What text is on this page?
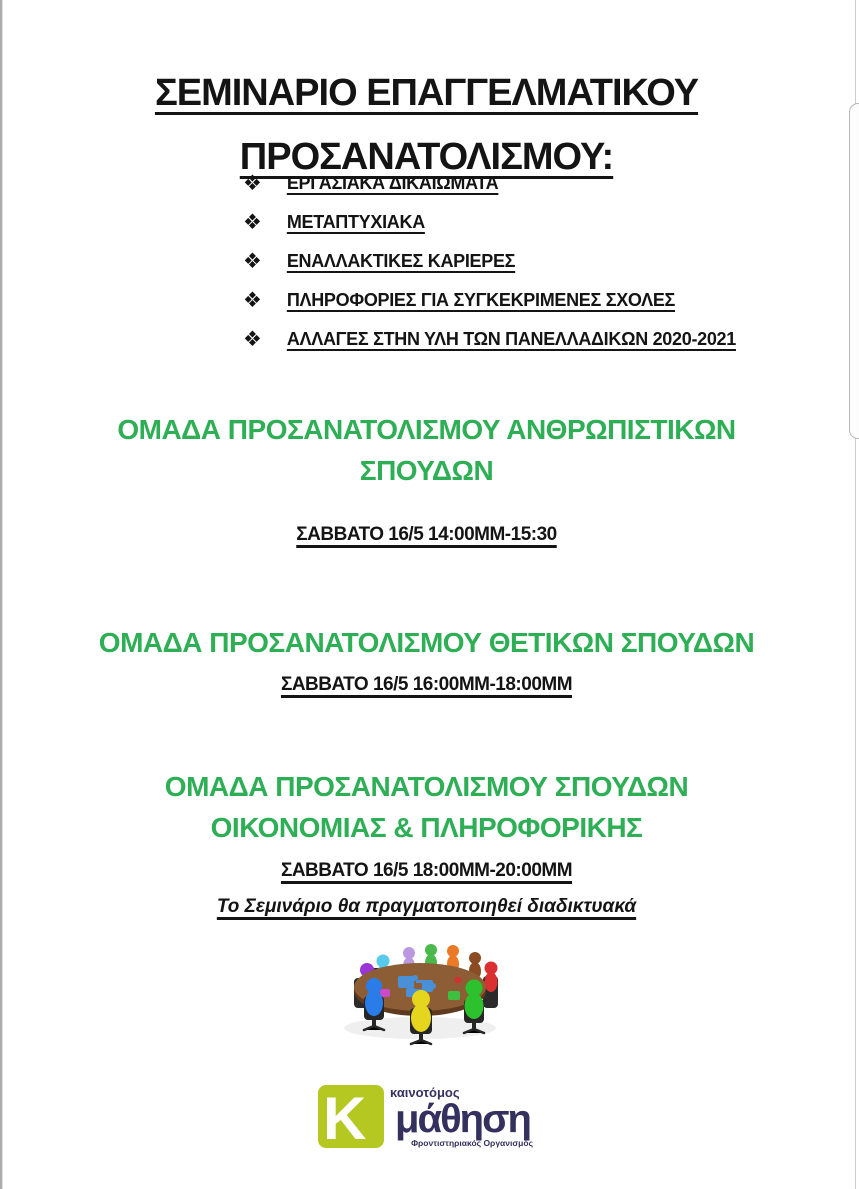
ΣΕΜΙΝΑΡΙΟ ΕΠΑΓΓΕΛΜΑΤΙΚΟΥ
ΠΡΟΣΑΝΑΤΟΛΙΣΜΟΥ:
❖ ΕΡΓΑΣΙΑΚΑ ΔΙΚΑΙΩΜΑΤΑ
❖ ΜΕΤΑΠΤΥΧΙΑΚΑ
❖ ΕΝΑΛΛΑΚΤΙΚΕΣ ΚΑΡΙΕΡΕΣ
❖ ΠΛΗΡΟΦΟΡΙΕΣ ΓΙΑ ΣΥΓΚΕΚΡΙΜΕΝΕΣ ΣΧΟΛΕΣ
❖ ΑΛΛΑΓΕΣ ΣΤΗΝ ΥΛΗ ΤΩΝ ΠΑΝΕΛΛΑΔΙΚΩΝ 2020-2021
ΟΜΑΔΑ ΠΡΟΣΑΝΑΤΟΛΙΣΜΟΥ ΑΝΘΡΩΠΙΣΤΙΚΩΝ
ΣΠΟΥΔΩΝ
ΣΑΒΒΑΤΟ 16/5 14:00ΜΜ-15:30
ΟΜΑΔΑ ΠΡΟΣΑΝΑΤΟΛΙΣΜΟΥ ΘΕΤΙΚΩΝ ΣΠΟΥΔΩΝ
ΣΑΒΒΑΤΟ 16/5 16:00ΜΜ-18:00ΜΜ
ΟΜΑΔΑ ΠΡΟΣΑΝΑΤΟΛΙΣΜΟΥ ΣΠΟΥΔΩΝ
ΟΙΚΟΝΟΜΙΑΣ & ΠΛΗΡΟΦΟΡΙΚΗΣ
ΣΑΒΒΑΤΟ 16/5 18:00ΜΜ-20:00ΜΜ
Το Σεμινάριο θα πραγματοποιηθεί διαδικτυακά
Κ καινοτόμος
μάθηση
Φροντιστηριακός Οργανισμός
